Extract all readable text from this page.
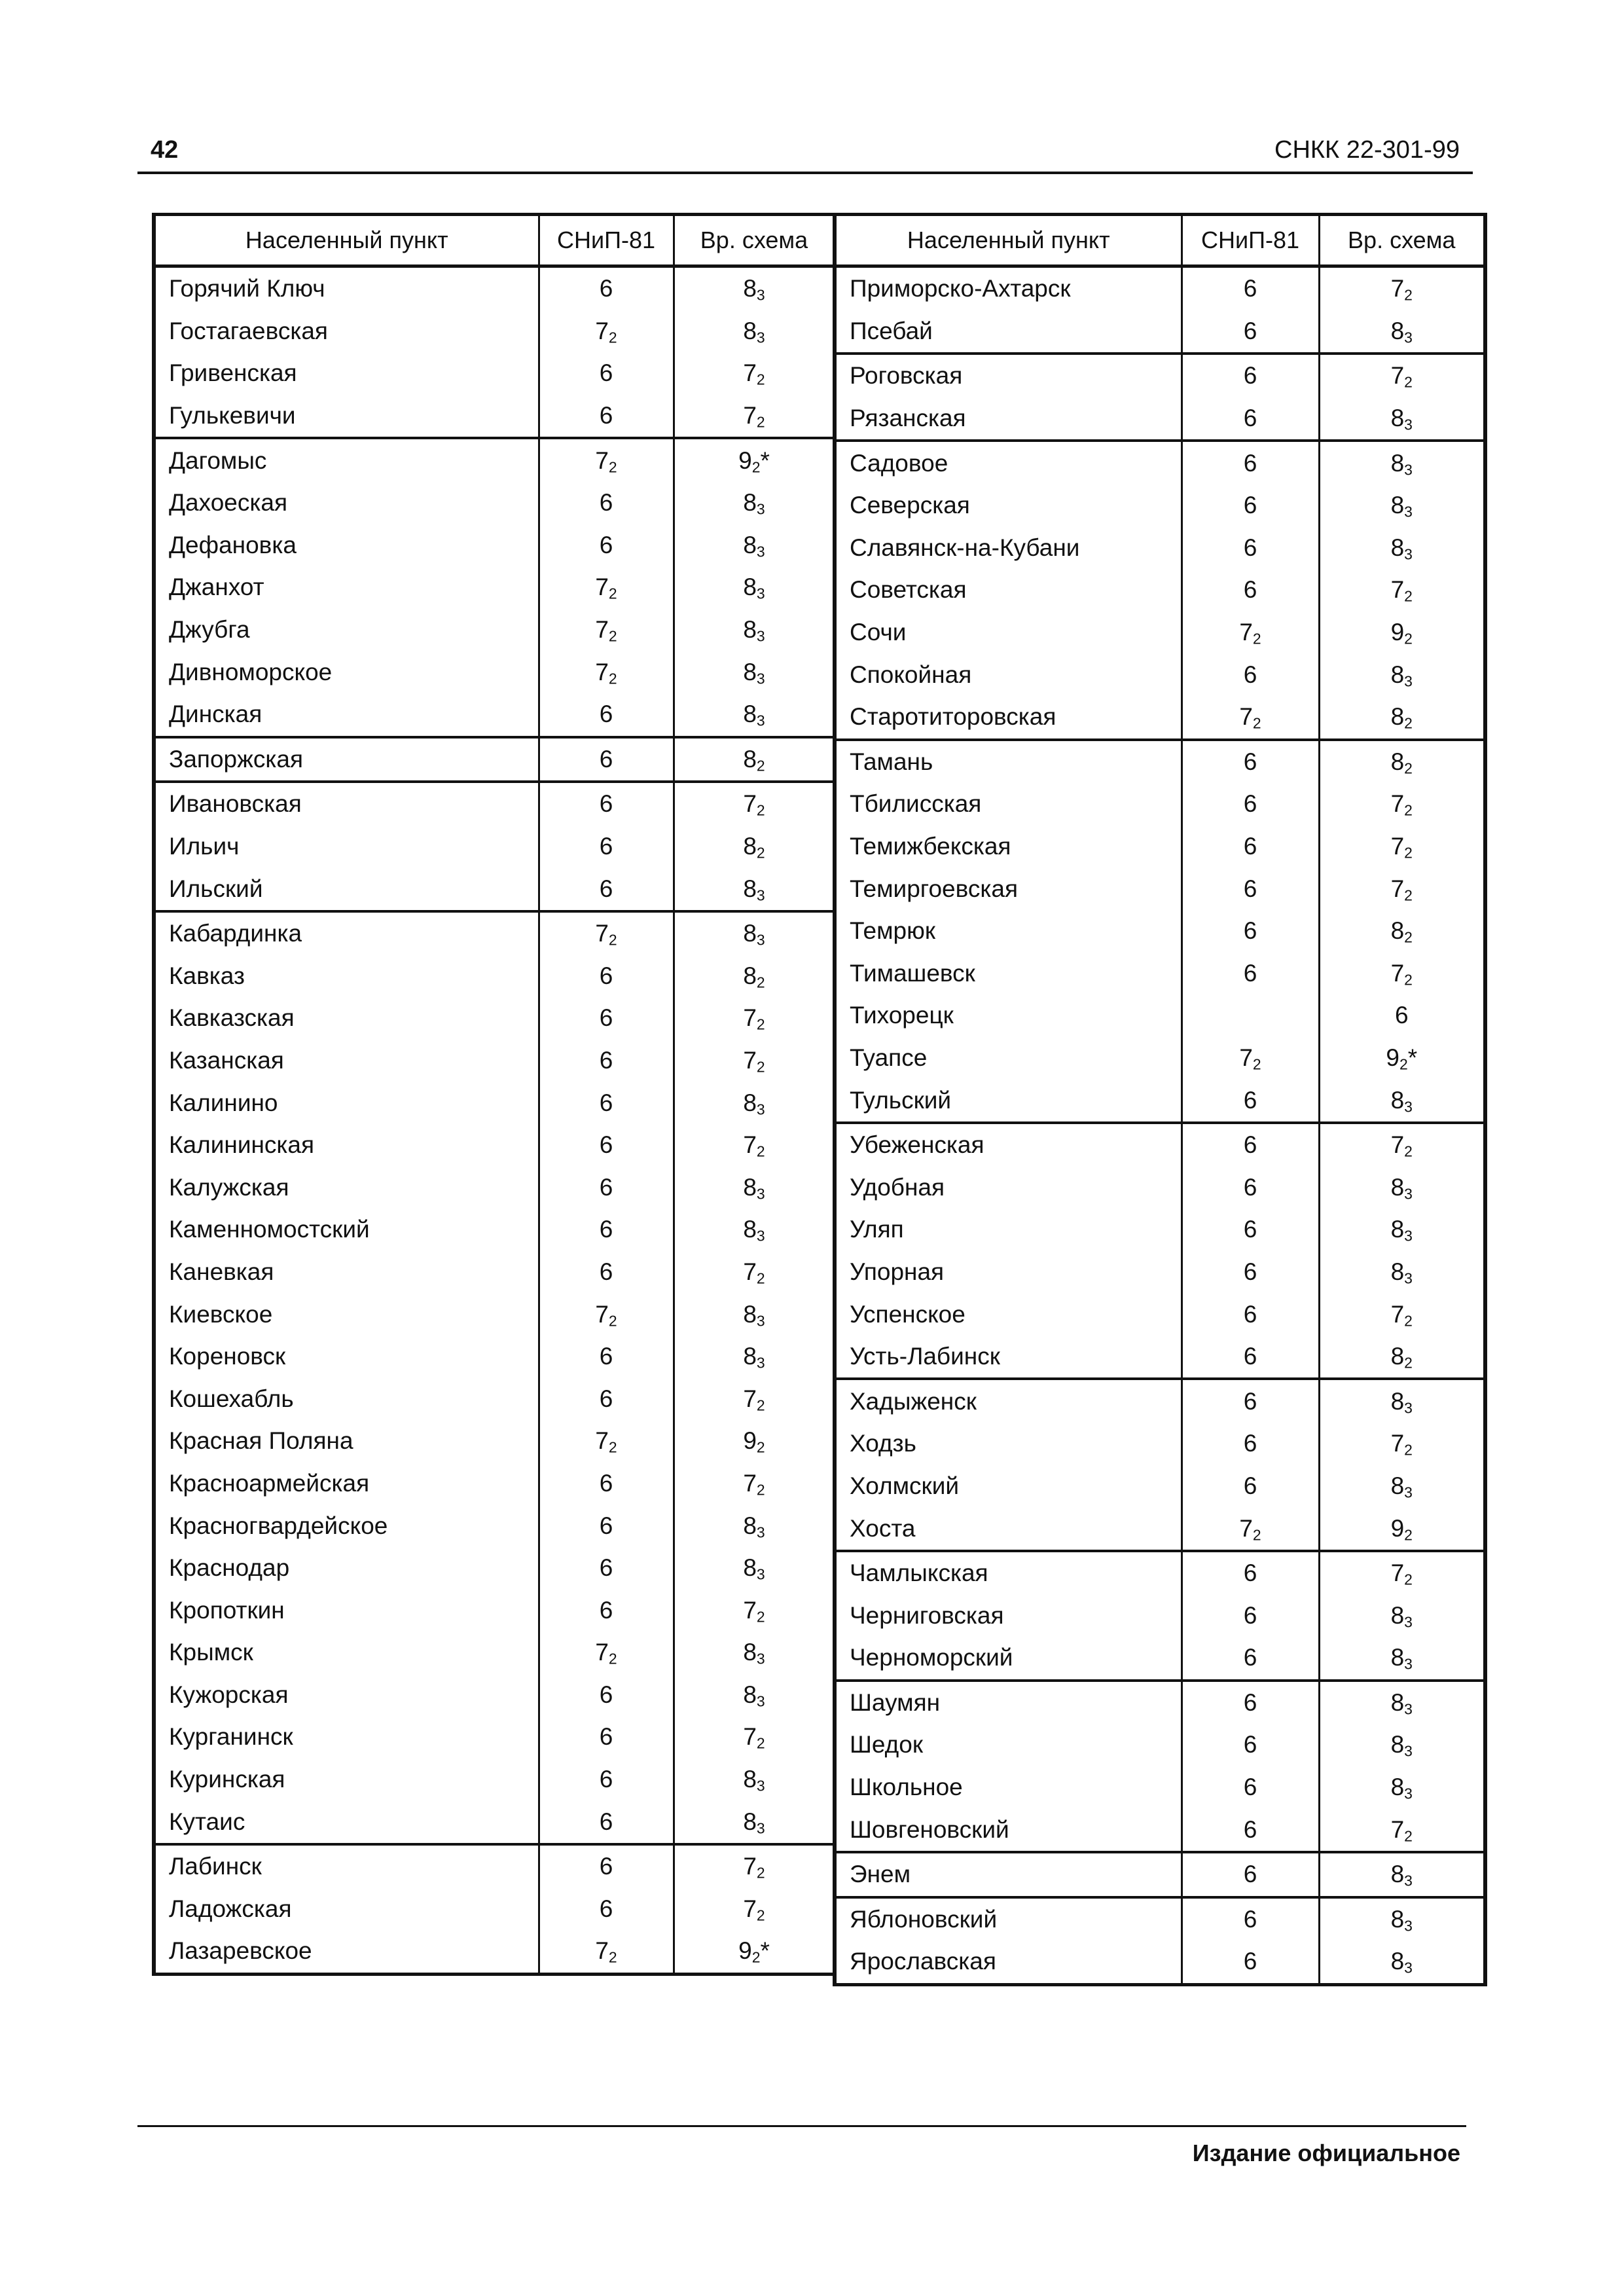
42	СНКК 22-301-99
Населенный пункт	СНиП-81	Вр. схема
Горячий Ключ	6	$8_3$
Гостагаевская	$7_2$	$8_3$
Гривенская	6	$7_2$
Гулькевичи	6	$7_2$
Дагомыс	$7_2$	$9_2*$
Дахоеская	6	$8_3$
Дефановка	6	$8_3$
Джанхот	$7_2$	$8_3$
Джубга	$7_2$	$8_3$
Дивноморское	$7_2$	$8_3$
Динская	6	$8_3$
Запоржская	6	$8_2$
Ивановская	6	$7_2$
Ильич	6	$8_2$
Ильский	6	$8_3$
Кабардинка	$7_2$	$8_3$
Кавказ	6	$8_2$
Кавказская	6	$7_2$
Казанская	6	$7_2$
Калинино	6	$8_3$
Калининская	6	$7_2$
Калужская	6	$8_3$
Каменномостский	6	$8_3$
Каневкая	6	$7_2$
Киевское	$7_2$	$8_3$
Кореновск	6	$8_3$
Кошехабль	6	$7_2$
Красная Поляна	$7_2$	$9_2$
Красноармейская	6	$7_2$
Красногвардейское	6	$8_3$
Краснодар	6	$8_3$
Кропоткин	6	$7_2$
Крымск	$7_2$	$8_3$
Кужорская	6	$8_3$
Курганинск	6	$7_2$
Куринская	6	$8_3$
Кутаис	6	$8_3$
Лабинск	6	$7_2$
Ладожская	6	$7_2$
Лазаревское	$7_2$	$9_2*$
Населенный пункт	СНиП-81	Вр. схема
Приморско-Ахтарск	6	$7_2$
Псебай	6	$8_3$
Роговская	6	$7_2$
Рязанская	6	$8_3$
Садовое	6	$8_3$
Северская	6	$8_3$
Славянск-на-Кубани	6	$8_3$
Советская	6	$7_2$
Сочи	$7_2$	$9_2$
Спокойная	6	$8_3$
Старотиторовская	$7_2$	$8_2$
Тамань	6	$8_2$
Тбилисская	6	$7_2$
Темижбекская	6	$7_2$
Темиргоевская	6	$7_2$
Темрюк	6	$8_2$
Тимашевск	6	$7_2$
Тихорецк		6
Туапсе	$7_2$	$9_2*$
Тульский	6	$8_3$
Убеженская	6	$7_2$
Удобная	6	$8_3$
Уляп	6	$8_3$
Упорная	6	$8_3$
Успенское	6	$7_2$
Усть-Лабинск	6	$8_2$
Хадыженск	6	$8_3$
Ходзь	6	$7_2$
Холмский	6	$8_3$
Хоста	$7_2$	$9_2$
Чамлыкская	6	$7_2$
Черниговская	6	$8_3$
Черноморский	6	$8_3$
Шаумян	6	$8_3$
Шедок	6	$8_3$
Школьное	6	$8_3$
Шовгеновский	6	$7_2$
Энем	6	$8_3$
Яблоновский	6	$8_3$
Ярославская	6	$8_3$
Издание официальное
